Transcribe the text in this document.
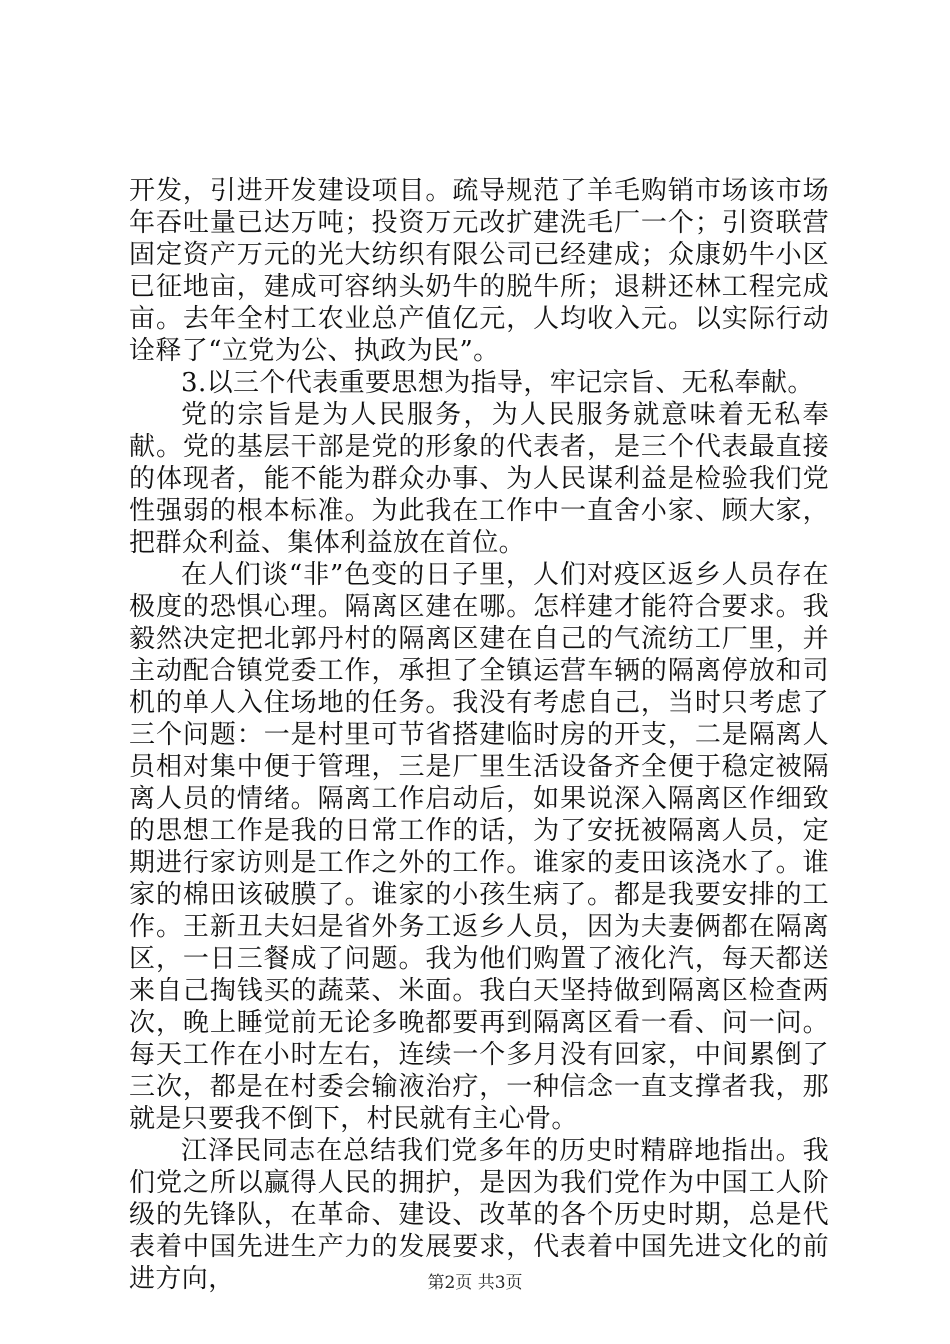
开发，引进开发建设项目。疏导规范了羊毛购销市场该市场年吞吐量已达万吨；投资万元改扩建洗毛厂一个；引资联营固定资产万元的光大纺织有限公司已经建成；众康奶牛小区已征地亩，建成可容纳头奶牛的脱牛所；退耕还林工程完成亩。去年全村工农业总产值亿元，人均收入元。以实际行动诠释了“立党为公、执政为民”。

3.以三个代表重要思想为指导，牢记宗旨、无私奉献。

党的宗旨是为人民服务，为人民服务就意味着无私奉献。党的基层干部是党的形象的代表者，是三个代表最直接的体现者，能不能为群众办事、为人民谋利益是检验我们党性强弱的根本标准。为此我在工作中一直舍小家、顾大家，把群众利益、集体利益放在首位。

在人们谈“非”色变的日子里，人们对疫区返乡人员存在极度的恐惧心理。隔离区建在哪。怎样建才能符合要求。我毅然决定把北郭丹村的隔离区建在自己的气流纺工厂里，并主动配合镇党委工作，承担了全镇运营车辆的隔离停放和司机的单人入住场地的任务。我没有考虑自己，当时只考虑了三个问题：一是村里可节省搭建临时房的开支，二是隔离人员相对集中便于管理，三是厂里生活设备齐全便于稳定被隔离人员的情绪。隔离工作启动后，如果说深入隔离区作细致的思想工作是我的日常工作的话，为了安抚被隔离人员，定期进行家访则是工作之外的工作。谁家的麦田该浇水了。谁家的棉田该破膜了。谁家的小孩生病了。都是我要安排的工作。王新丑夫妇是省外务工返乡人员，因为夫妻俩都在隔离区，一日三餐成了问题。我为他们购置了液化汽，每天都送来自己掏钱买的蔬菜、米面。我白天坚持做到隔离区检查两次，晚上睡觉前无论多晚都要再到隔离区看一看、问一问。每天工作在小时左右，连续一个多月没有回家，中间累倒了三次，都是在村委会输液治疗，一种信念一直支撑者我，那就是只要我不倒下，村民就有主心骨。

江泽民同志在总结我们党多年的历史时精辟地指出。我们党之所以赢得人民的拥护，是因为我们党作为中国工人阶级的先锋队，在革命、建设、改革的各个历史时期，总是代表着中国先进生产力的发展要求，代表着中国先进文化的前进方向，	第2页 共3页
